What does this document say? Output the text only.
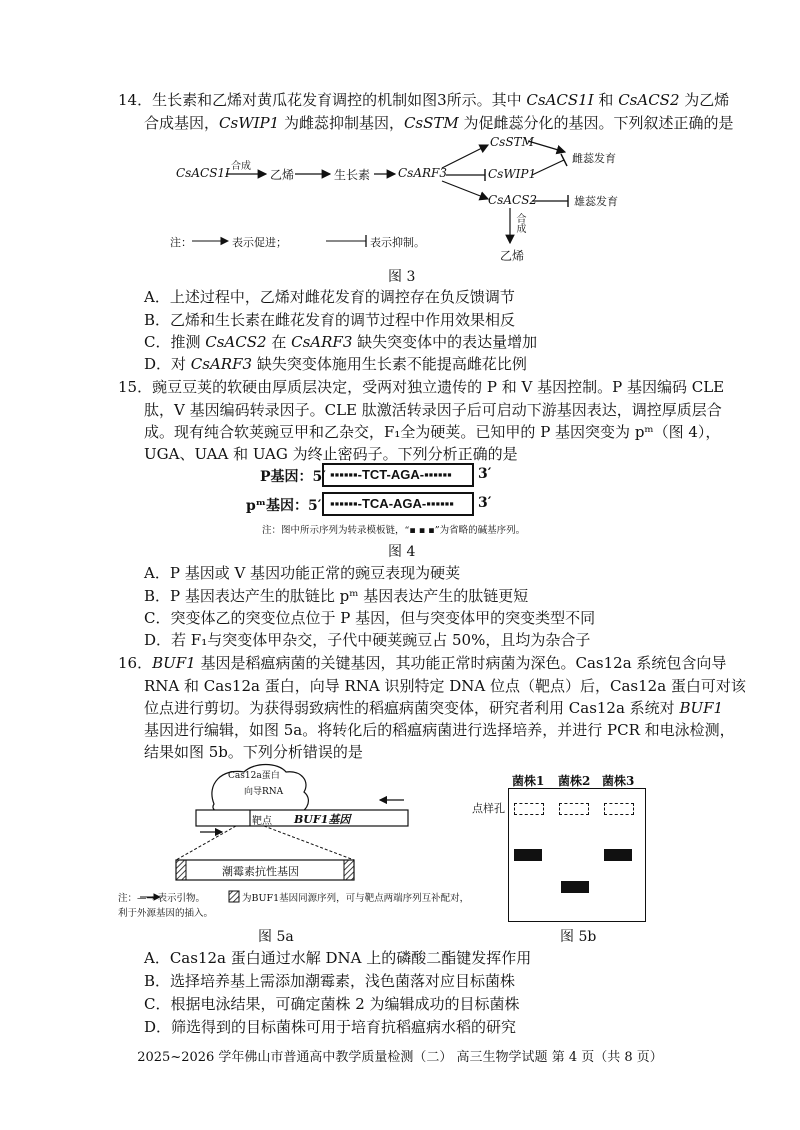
14．生长素和乙烯对黄瓜花发育调控的机制如图3所示。其中 CsACS1I 和 CsACS2 为乙烯
合成基因，CsWIP1 为雌蕊抑制基因，CsSTM 为促雌蕊分化的基因。下列叙述正确的是
CsACS1I 合成
乙烯	生长素 CsARF3
CsSTM
CsWIP1
CsACS2
雌蕊发育
雄蕊发育
合成
乙烯
注：	表示促进；	表示抑制。
图 3
A．上述过程中，乙烯对雌花发育的调控存在负反馈调节
B．乙烯和生长素在雌花发育的调节过程中作用效果相反
C．推测 CsACS2 在 CsARF3 缺失突变体中的表达量增加
D．对 CsARF3 缺失突变体施用生长素不能提高雌花比例
15．豌豆豆荚的软硬由厚质层决定，受两对独立遗传的 P 和 V 基因控制。P 基因编码 CLE
肽，V 基因编码转录因子。CLE 肽激活转录因子后可启动下游基因表达，调控厚质层合
成。现有纯合软荚豌豆甲和乙杂交，F₁全为硬荚。已知甲的 P 基因突变为 pᵐ（图 4），
UGA、UAA 和 UAG 为终止密码子。下列分析正确的是
P基因：5′ ▪▪▪▪▪▪-TCT-AGA-▪▪▪▪▪▪	3′
pᵐ基因：5′ ▪▪▪▪▪▪-TCA-AGA-▪▪▪▪▪▪	3′
注：图中所示序列为转录模板链，“▪ ▪ ▪”为省略的碱基序列。
图 4
A．P 基因或 V 基因功能正常的豌豆表现为硬荚
B．P 基因表达产生的肽链比 pᵐ 基因表达产生的肽链更短
C．突变体乙的突变位点位于 P 基因，但与突变体甲的突变类型不同
D．若 F₁与突变体甲杂交，子代中硬荚豌豆占 50%，且均为杂合子
16．BUF1 基因是稻瘟病菌的关键基因，其功能正常时病菌为深色。Cas12a 系统包含向导
RNA 和 Cas12a 蛋白，向导 RNA 识别特定 DNA 位点（靶点）后，Cas12a 蛋白可对该
位点进行剪切。为获得弱致病性的稻瘟病菌突变体，研究者利用 Cas12a 系统对 BUF1
基因进行编辑，如图 5a。将转化后的稻瘟病菌进行选择培养，并进行 PCR 和电泳检测，
结果如图 5b。下列分析错误的是
Cas12a蛋白
向导RNA
靶点 BUF1基因
潮霉素抗性基因
注：—→ 表示引物。	为BUF1基因同源序列，可与靶点两端序列互补配对，
利于外源基因的插入。
图 5a
菌株1 菌株2 菌株3
点样孔
图 5b
A．Cas12a 蛋白通过水解 DNA 上的磷酸二酯键发挥作用
B．选择培养基上需添加潮霉素，浅色菌落对应目标菌株
C．根据电泳结果，可确定菌株 2 为编辑成功的目标菌株
D．筛选得到的目标菌株可用于培育抗稻瘟病水稻的研究
2025~2026 学年佛山市普通高中教学质量检测（二） 高三生物学试题 第 4 页（共 8 页）
